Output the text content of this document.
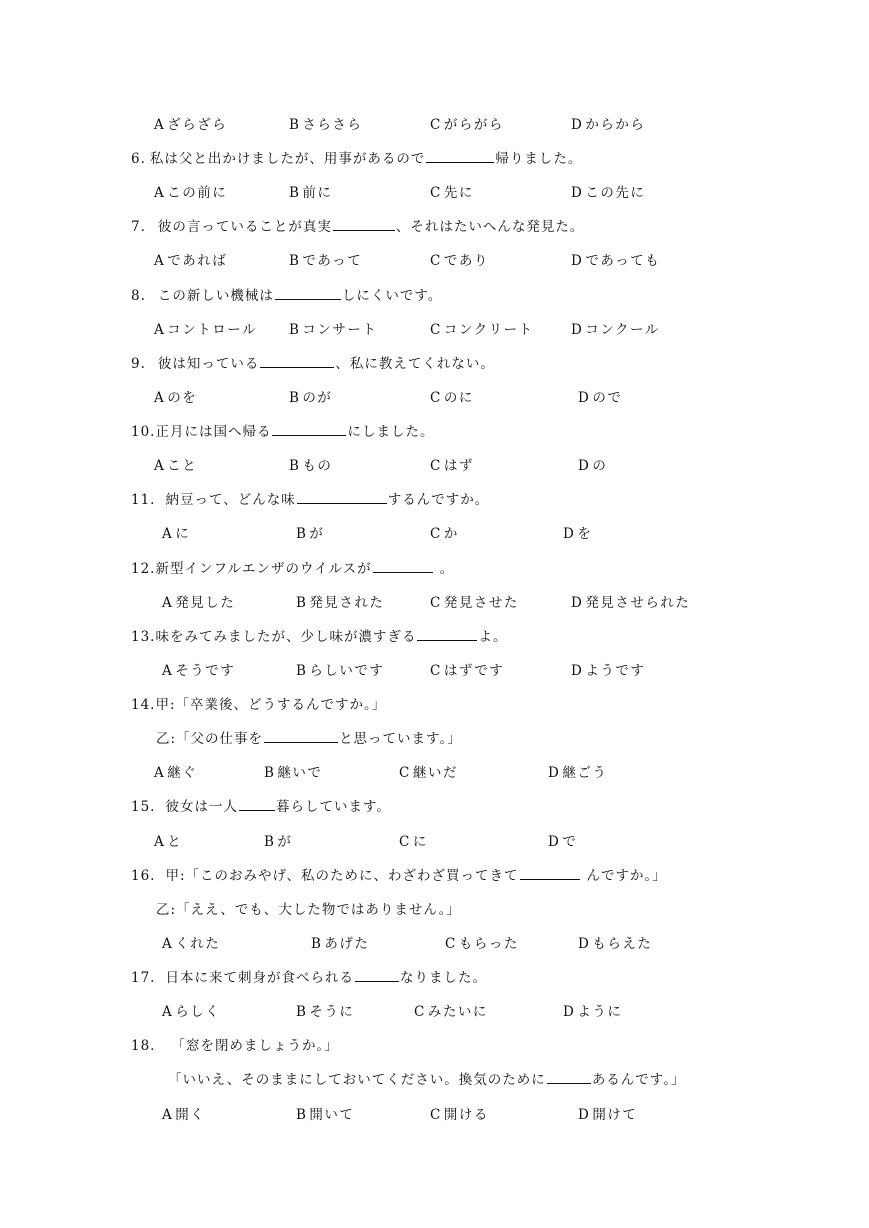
A ざらざら	B さらさら	C がらがら	D からから
6. 私は父と出かけましたが、用事があるので	帰りました。
A この前に	B 前に	C 先に	D この先に
7. 彼の言っていることが真実	、それはたいへんな発見た。
A であれば	B であって	C であり	D であっても
8. この新しい機械は	しにくいです。
A コントロール B コンサート	C コンクリート	D コンクール
9. 彼は知っている	、私に教えてくれない。
A のを	B のが	C のに	D ので
10.正月には国へ帰る	にしました。
A こと	B もの	C はず	D の
11. 納豆って、どんな味	するんですか。
A に	B が	C か	D を
12.新型インフルエンザのウイルスが	。
A 発見した	B 発見された	C 発見させた	D 発見させられた
13.味をみてみましたが、少し味が濃すぎる	よ。
A そうです	B らしいです	C はずです	D ようです
14.甲:「卒業後、どうするんですか。」
乙:「父の仕事を	と思っています。」
A 継ぐ	B 継いで	C 継いだ	D 継ごう
15. 彼女は一人	暮らしています。
A と	B が	C に	D で
16. 甲:「このおみやげ、私のために、わざわざ買ってきて	んですか。」
乙:「ええ、でも、大した物ではありません。」
A くれた	B あげた	C もらった	D もらえた
17. 日本に来て刺身が食べられる	なりました。
A らしく	B そうに	C みたいに	D ように
18. 「窓を閉めましょうか。」
「いいえ、そのままにしておいてください。換気のために	あるんです。」
A 開く	B 開いて	C 開ける	D 開けて
